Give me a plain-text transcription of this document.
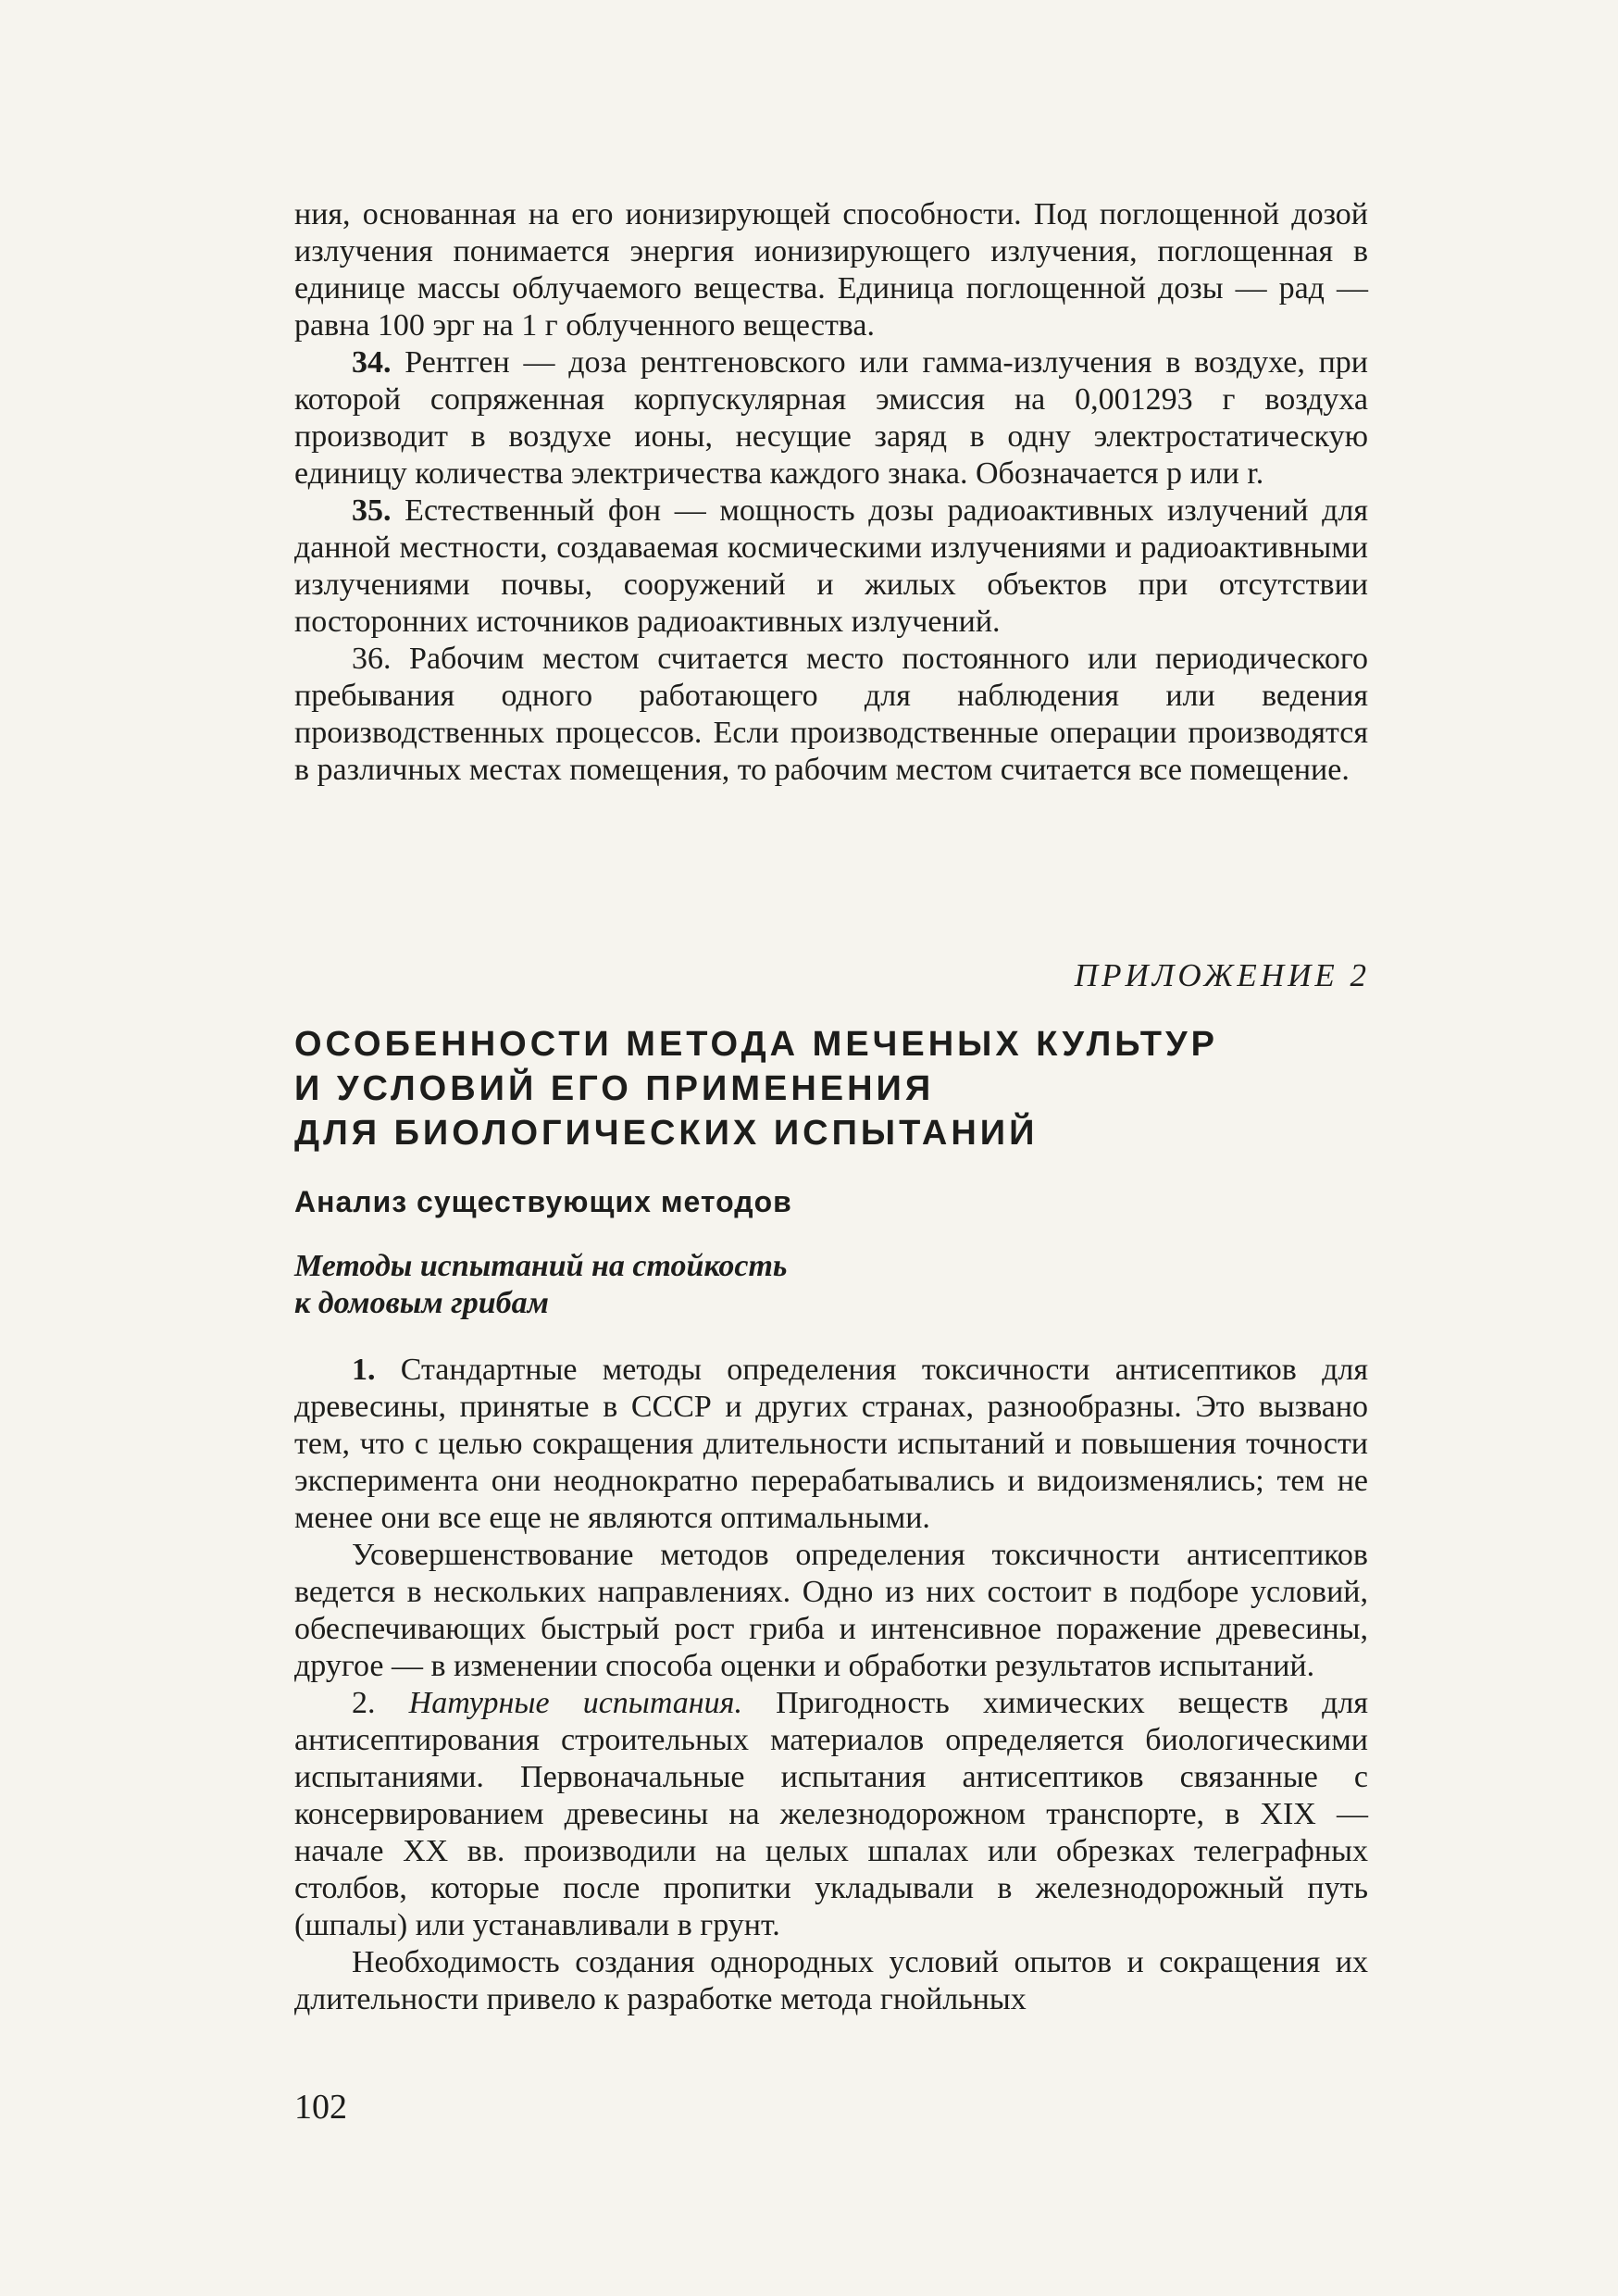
ния, основанная на его ионизирующей способности. Под поглощенной дозой излучения понимается энергия ионизирующего излучения, поглощенная в единице массы облучаемого вещества. Единица поглощенной дозы — рад — равна 100 эрг на 1 г облученного вещества.

34. Рентген — доза рентгеновского или гамма-излучения в воздухе, при которой сопряженная корпускулярная эмиссия на 0,001293 г воздуха производит в воздухе ионы, несущие заряд в одну электростатическую единицу количества электричества каждого знака. Обозначается р или r.

35. Естественный фон — мощность дозы радиоактивных излучений для данной местности, создаваемая космическими излучениями и радиоактивными излучениями почвы, сооружений и жилых объектов при отсутствии посторонних источников радиоактивных излучений.

36. Рабочим местом считается место постоянного или периодического пребывания одного работающего для наблюдения или ведения производственных процессов. Если производственные операции производятся в различных местах помещения, то рабочим местом считается все помещение.

ПРИЛОЖЕНИЕ 2
ОСОБЕННОСТИ МЕТОДА МЕЧЕНЫХ КУЛЬТУР
И УСЛОВИЙ ЕГО ПРИМЕНЕНИЯ
ДЛЯ БИОЛОГИЧЕСКИХ ИСПЫТАНИЙ
Анализ существующих методов
Методы испытаний на стойкость
к домовым грибам

1. Стандартные методы определения токсичности антисептиков для древесины, принятые в СССР и других странах, разнообразны. Это вызвано тем, что с целью сокращения длительности испытаний и повышения точности эксперимента они неоднократно перерабатывались и видоизменялись; тем не менее они все еще не являются оптимальными.

Усовершенствование методов определения токсичности антисептиков ведется в нескольких направлениях. Одно из них состоит в подборе условий, обеспечивающих быстрый рост гриба и интенсивное поражение древесины, другое — в изменении способа оценки и обработки результатов испытаний.

2. Натурные испытания. Пригодность химических веществ для антисептирования строительных материалов определяется биологическими испытаниями. Первоначальные испытания антисептиков связанные с консервированием древесины на железнодорожном транспорте, в XIX — начале XX вв. производили на целых шпалах или обрезках телеграфных столбов, которые после пропитки укладывали в железнодорожный путь (шпалы) или устанавливали в грунт.

Необходимость создания однородных условий опытов и сокращения их длительности привело к разработке метода гнойльных

102
